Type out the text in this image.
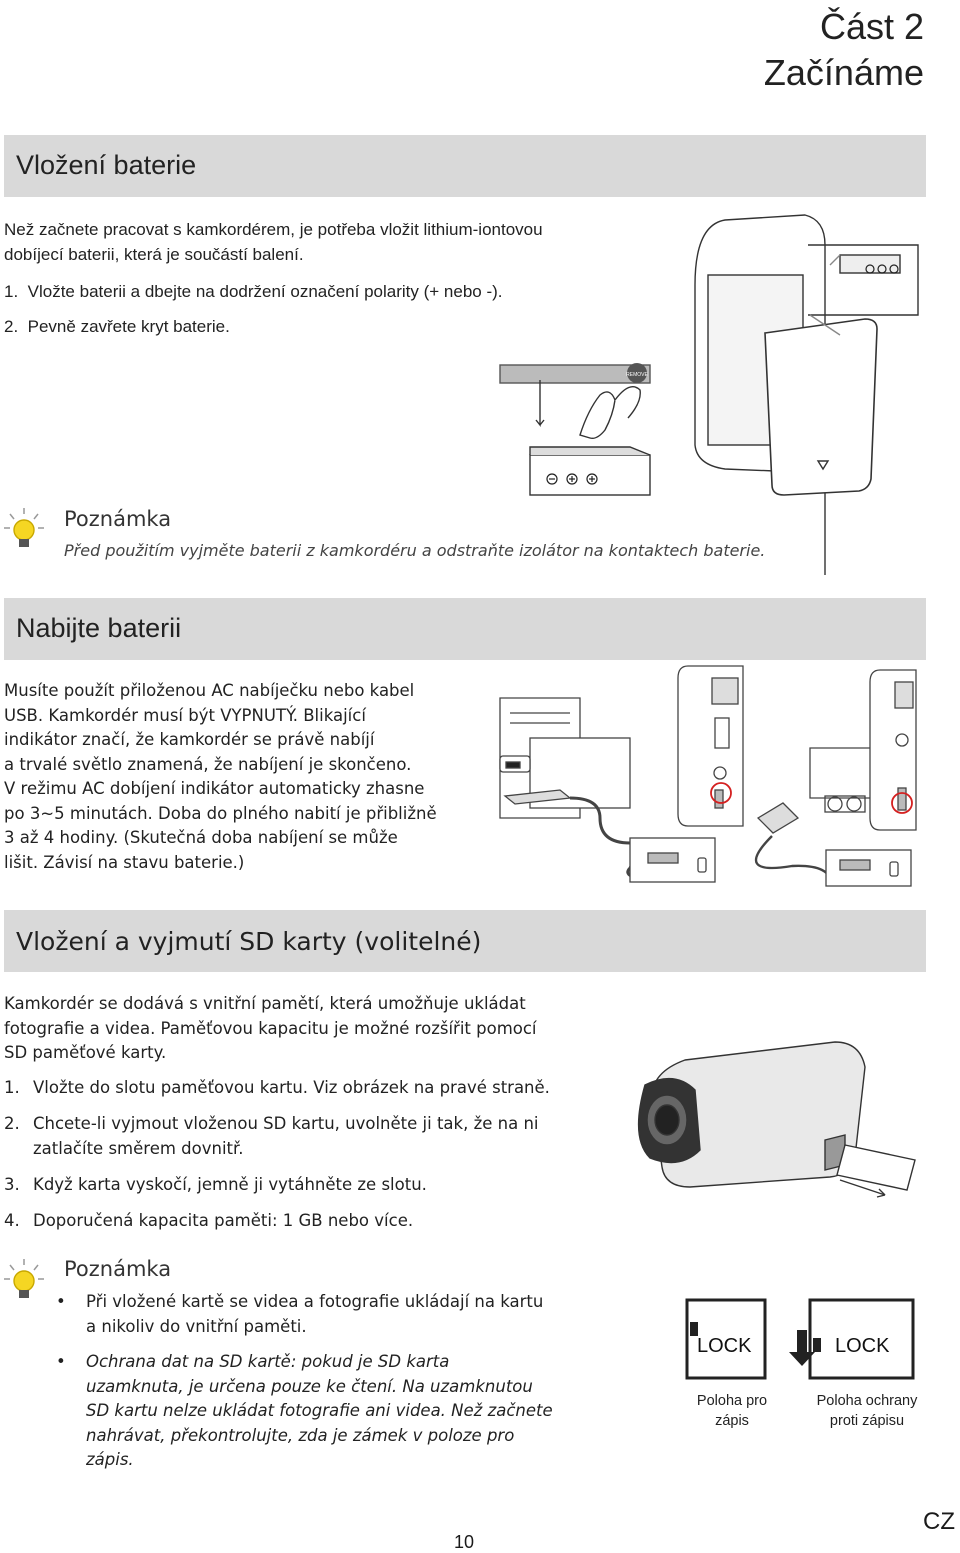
Část 2
Začínáme
Vložení baterie

Než začnete pracovat s kamkordérem, je potřeba vložit lithium-iontovou

dobíjecí baterii, která je součástí balení.

1. Vložte baterii a dbejte na dodržení označení polarity (+ nebo -).

2. Pevně zavřete kryt baterie.

REMOVE
Poznámka
Před použitím vyjměte baterii z kamkordéru a odstraňte izolátor na kontaktech baterie.
Nabijte baterii

Musíte použít přiloženou AC nabíječku nebo kabel

USB. Kamkordér musí být VYPNUTÝ. Blikající

indikátor značí, že kamkordér se právě nabíjí

a trvalé světlo znamená, že nabíjení je skončeno.

V režimu AC dobíjení indikátor automaticky zhasne

po 3~5 minutách. Doba do plného nabití je přibližně

3 až 4 hodiny. (Skutečná doba nabíjení se může

lišit. Závisí na stavu baterie.)

Vložení a vyjmutí SD karty (volitelné)

Kamkordér se dodává s vnitřní pamětí, která umožňuje ukládat

fotografie a videa. Paměťovou kapacitu je možné rozšířit pomocí

SD paměťové karty.

1. Vložte do slotu paměťovou kartu. Viz obrázek na pravé straně.
2. Chcete-li vyjmout vloženou SD kartu, uvolněte ji tak, že na ni

zatlačíte směrem dovnitř.

3. Když karta vyskočí, jemně ji vytáhněte ze slotu.
4. Doporučená kapacita paměti: 1 GB nebo více.
Poznámka
• Při vložené kartě se videa a fotografie ukládají na kartu

a nikoliv do vnitřní paměti.

• Ochrana dat na SD kartě: pokud je SD karta

uzamknuta, je určena pouze ke čtení. Na uzamknutou

SD kartu nelze ukládat fotografie ani videa. Než začnete

nahrávat, překontrolujte, zda je zámek v poloze pro

zápis.

LOCK	LOCK

Poloha pro

zápis

Poloha ochrany

proti zápisu

10
CZ
